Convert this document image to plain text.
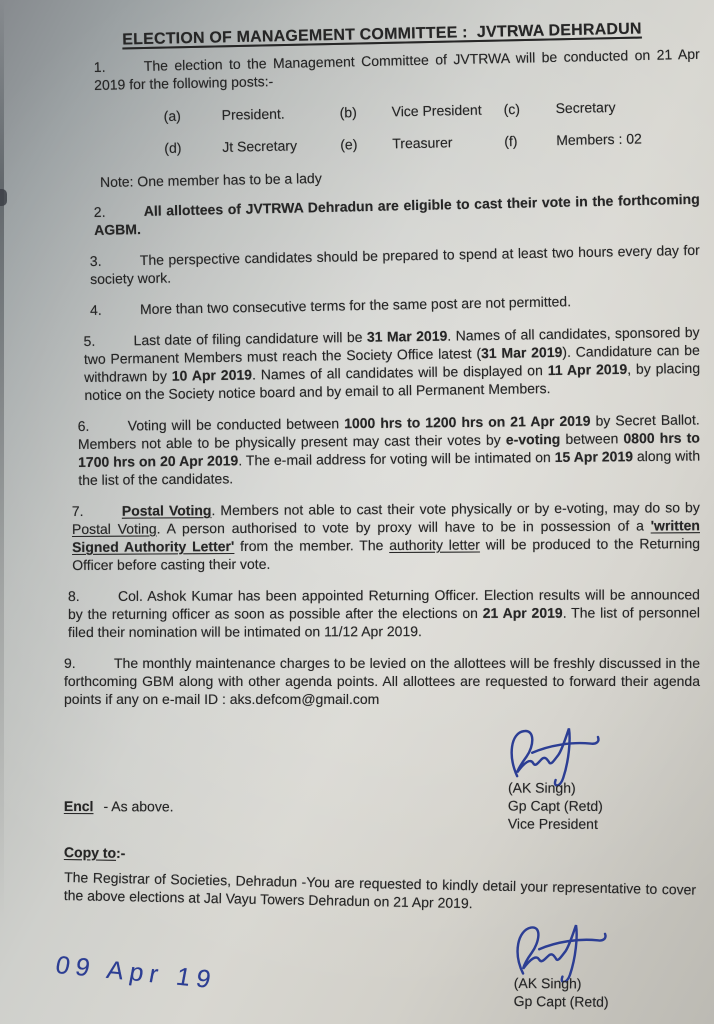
ELECTION OF MANAGEMENT COMMITTEE :  JVTRWA DEHRADUN
1.	The election to the Management Committee of JVTRWA will be conducted on 21 Apr 2019 for the following posts:-
(a)	President.	(b)	Vice President	(c)	Secretary
(d)	Jt Secretary	(e)	Treasurer	(f)	Members : 02
Note: One member has to be a lady
2.	All allottees of JVTRWA Dehradun are eligible to cast their vote in the forthcoming AGBM.
3.	The perspective candidates should be prepared to spend at least two hours every day for society work.
4.	More than two consecutive terms for the same post are not permitted.
5.	Last date of filing candidature will be 31 Mar 2019. Names of all candidates, sponsored by two Permanent Members must reach the Society Office latest (31 Mar 2019). Candidature can be withdrawn by 10 Apr 2019. Names of all candidates will be displayed on 11 Apr 2019, by placing notice on the Society notice board and by email to all Permanent Members.
6.	Voting will be conducted between 1000 hrs to 1200 hrs on 21 Apr 2019 by Secret Ballot. Members not able to be physically present may cast their votes by e-voting between 0800 hrs to 1700 hrs on 20 Apr 2019. The e-mail address for voting will be intimated on 15 Apr 2019 along with the list of the candidates.
7.	Postal Voting. Members not able to cast their vote physically or by e-voting, may do so by Postal Voting. A person authorised to vote by proxy will have to be in possession of a 'written Signed Authority Letter' from the member. The authority letter will be produced to the Returning Officer before casting their vote.
8.	Col. Ashok Kumar has been appointed Returning Officer. Election results will be announced by the returning officer as soon as possible after the elections on 21 Apr 2019. The list of personnel filed their nomination will be intimated on 11/12 Apr 2019.
9.	The monthly maintenance charges to be levied on the allottees will be freshly discussed in the forthcoming GBM along with other agenda points. All allottees are requested to forward their agenda points if any on e-mail ID : aks.defcom@gmail.com
Encl - As above.
(AK Singh)
Gp Capt (Retd)
Vice President
Copy to:-
The Registrar of Societies, Dehradun -You are requested to kindly detail your representative to cover the above elections at Jal Vayu Towers Dehradun on 21 Apr 2019.
09 Apr 19	(AK Singh)
Gp Capt (Retd)
